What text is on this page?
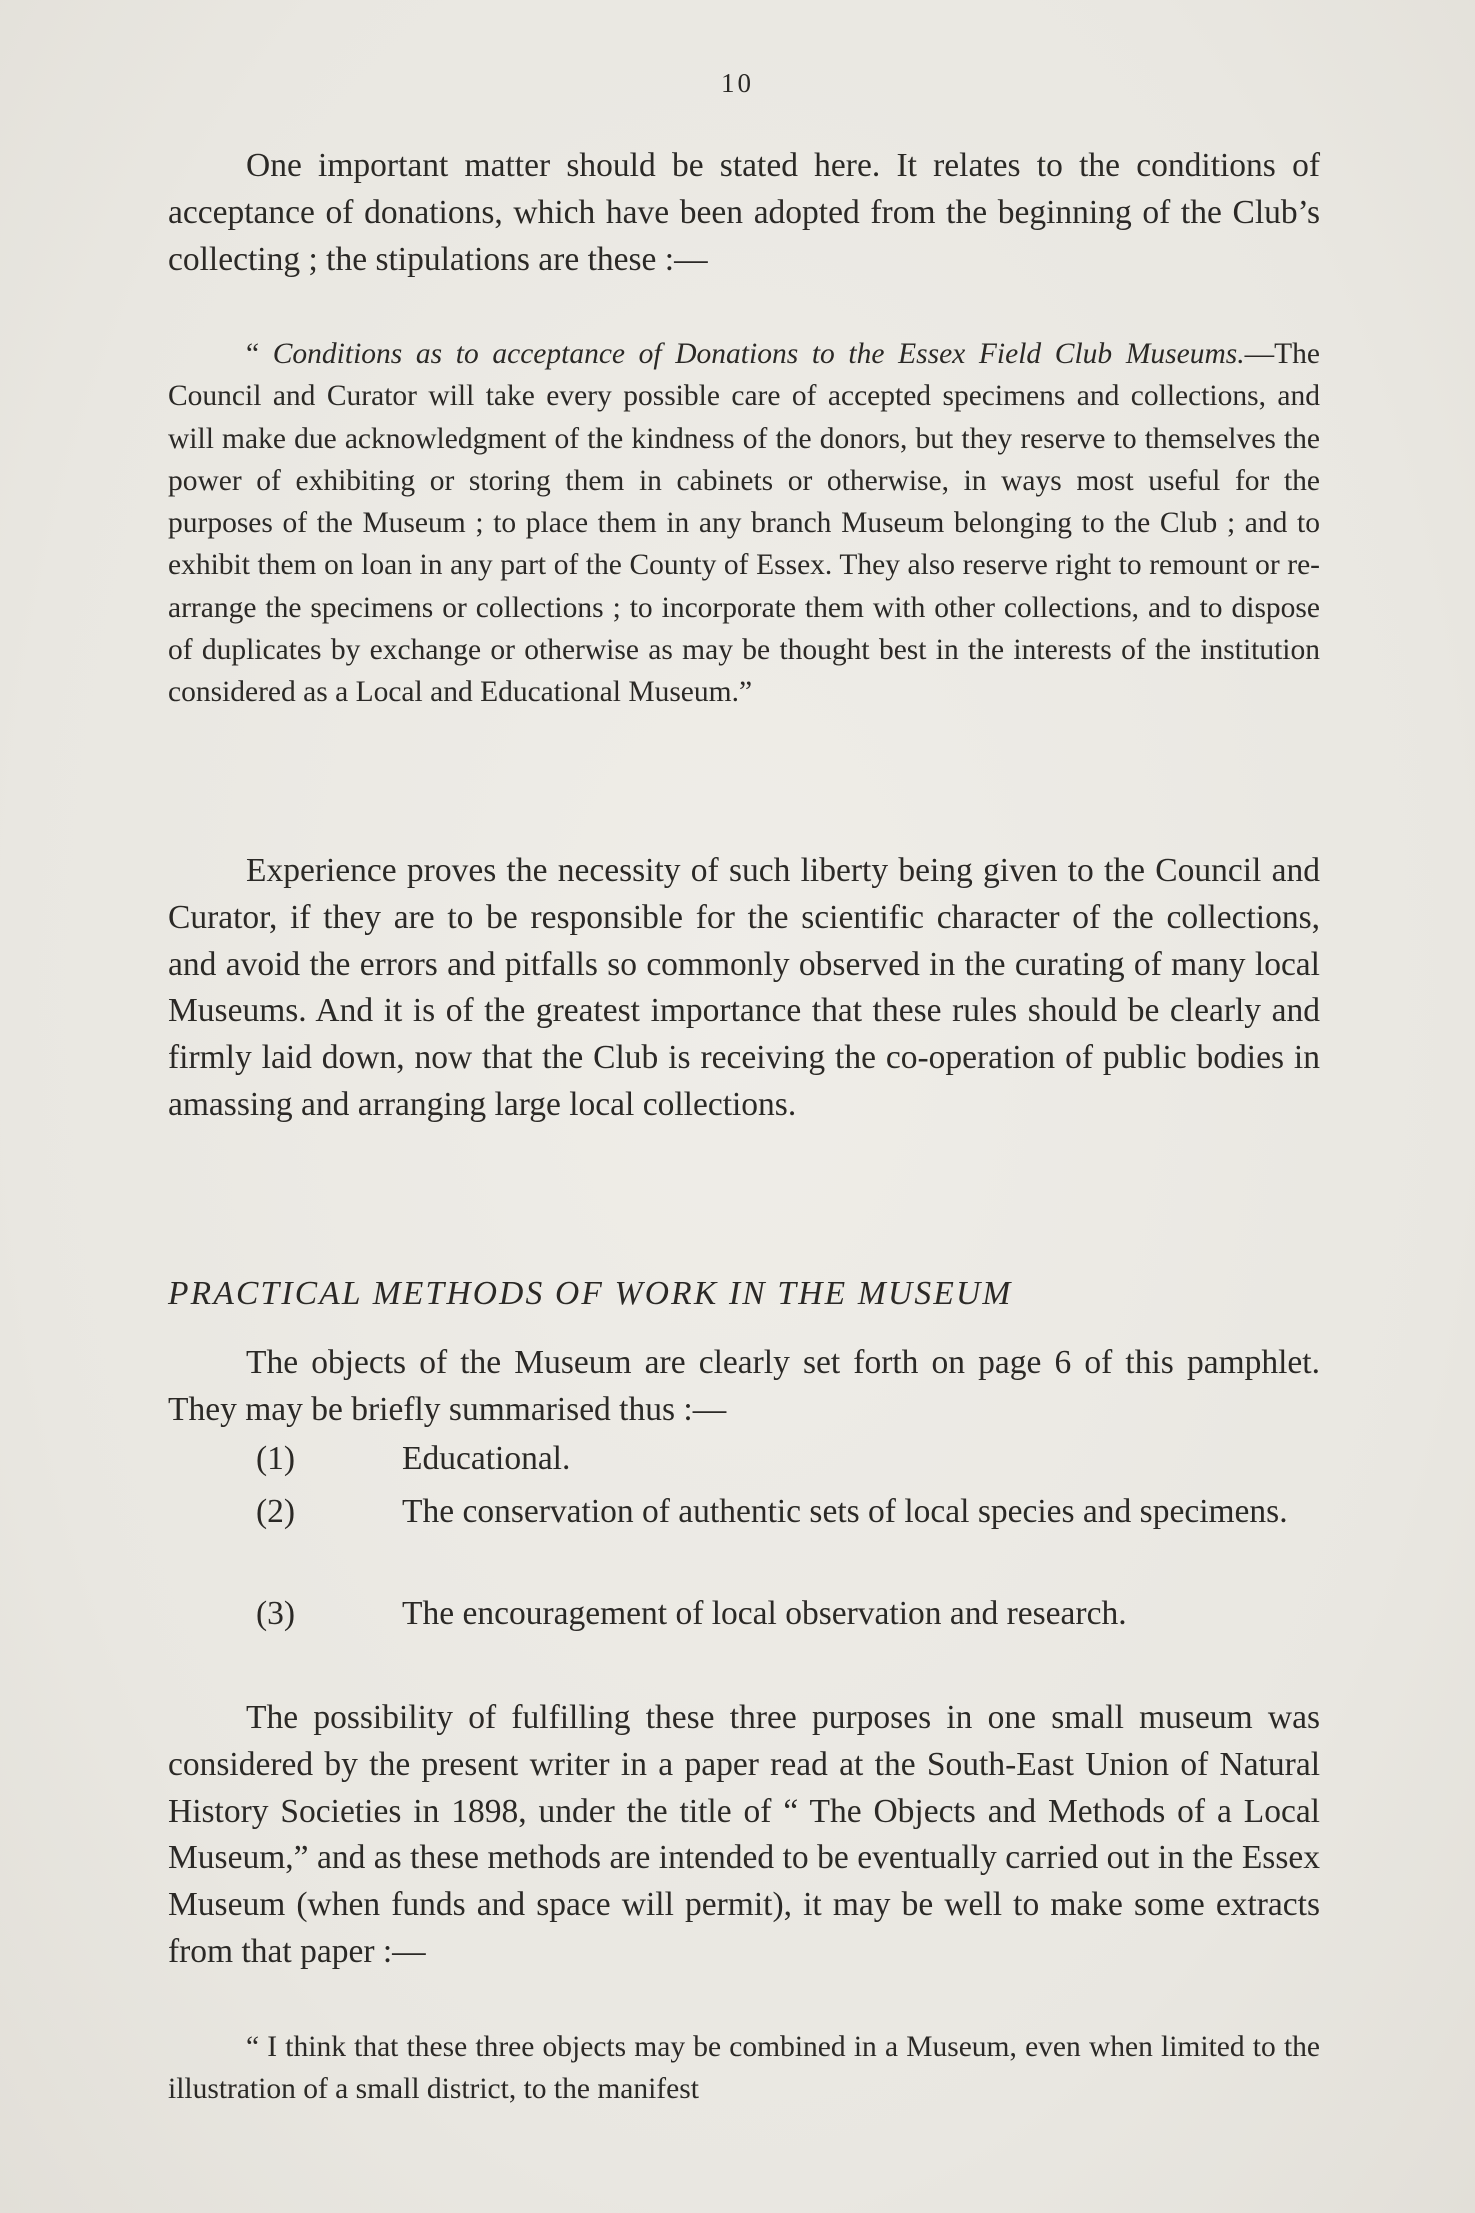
10

One important matter should be stated here. It relates to the conditions of acceptance of donations, which have been adopted from the beginning of the Club’s collecting ; the stipulations are these :—

“ Conditions as to acceptance of Donations to the Essex Field Club Museums.—The Council and Curator will take every possible care of accepted specimens and collections, and will make due acknowledgment of the kindness of the donors, but they reserve to themselves the power of exhibiting or storing them in cabinets or otherwise, in ways most useful for the purposes of the Museum ; to place them in any branch Museum belonging to the Club ; and to exhibit them on loan in any part of the County of Essex. They also reserve right to remount or re-arrange the specimens or collections ; to incorporate them with other collections, and to dispose of duplicates by exchange or otherwise as may be thought best in the interests of the institution considered as a Local and Educational Museum.”

Experience proves the necessity of such liberty being given to the Council and Curator, if they are to be responsible for the scientific character of the collections, and avoid the errors and pitfalls so commonly observed in the curating of many local Museums. And it is of the greatest importance that these rules should be clearly and firmly laid down, now that the Club is receiving the co-operation of public bodies in amassing and arranging large local collections.

PRACTICAL METHODS OF WORK IN THE MUSEUM

The objects of the Museum are clearly set forth on page 6 of this pamphlet. They may be briefly summarised thus :—

(1)	Educational.
(2)	The conservation of authentic sets of local species and specimens.
(3)	The encouragement of local observation and research.

The possibility of fulfilling these three purposes in one small museum was considered by the present writer in a paper read at the South-East Union of Natural History Societies in 1898, under the title of “ The Objects and Methods of a Local Museum,” and as these methods are intended to be eventually carried out in the Essex Museum (when funds and space will permit), it may be well to make some extracts from that paper :—

“ I think that these three objects may be combined in a Museum, even when limited to the illustration of a small district, to the manifest
